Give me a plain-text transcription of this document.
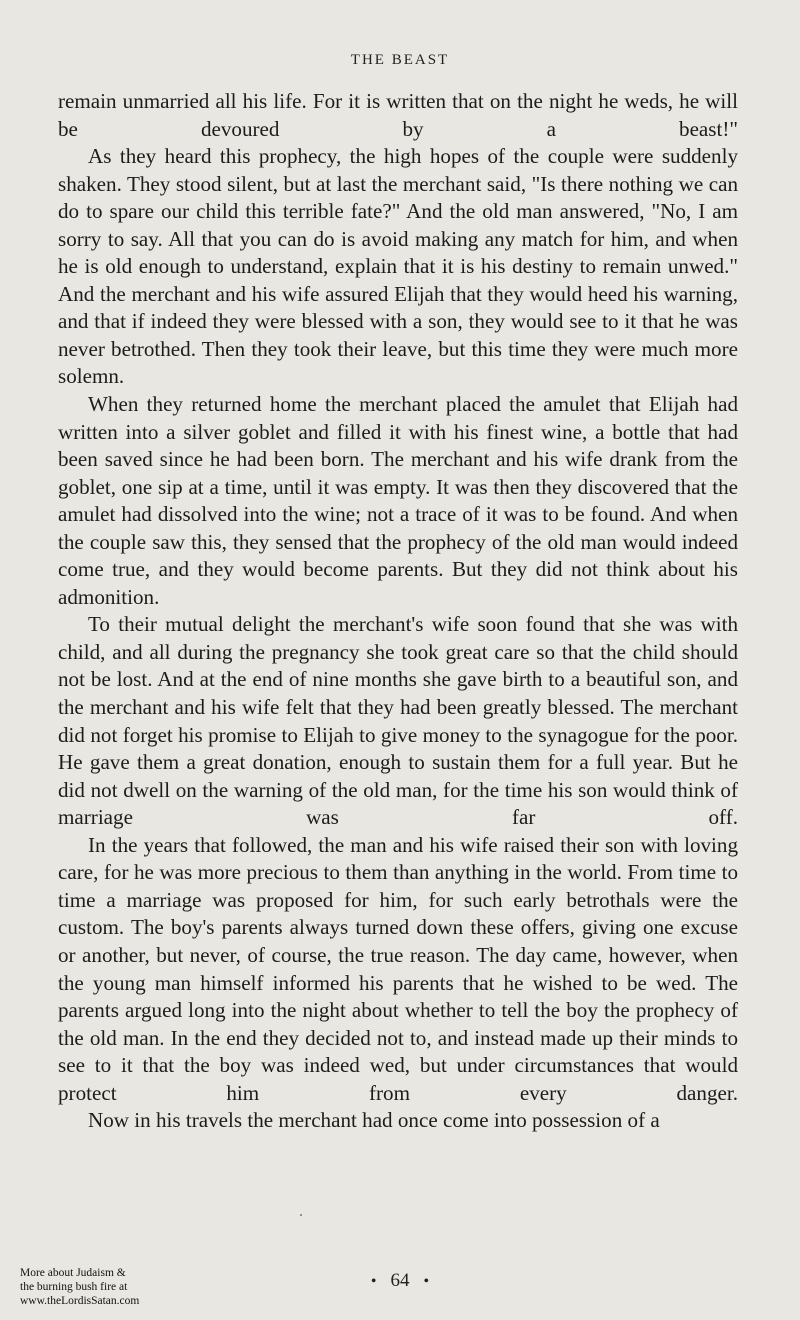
THE BEAST

remain unmarried all his life. For it is written that on the night he weds, he will be devoured by a beast!"

As they heard this prophecy, the high hopes of the couple were suddenly shaken. They stood silent, but at last the merchant said, "Is there nothing we can do to spare our child this terrible fate?" And the old man answered, "No, I am sorry to say. All that you can do is avoid making any match for him, and when he is old enough to understand, explain that it is his destiny to remain unwed." And the merchant and his wife assured Elijah that they would heed his warning, and that if indeed they were blessed with a son, they would see to it that he was never betrothed. Then they took their leave, but this time they were much more solemn.

When they returned home the merchant placed the amulet that Elijah had written into a silver goblet and filled it with his finest wine, a bottle that had been saved since he had been born. The merchant and his wife drank from the goblet, one sip at a time, until it was empty. It was then they discovered that the amulet had dissolved into the wine; not a trace of it was to be found. And when the couple saw this, they sensed that the prophecy of the old man would indeed come true, and they would become parents. But they did not think about his admonition.

To their mutual delight the merchant's wife soon found that she was with child, and all during the pregnancy she took great care so that the child should not be lost. And at the end of nine months she gave birth to a beautiful son, and the merchant and his wife felt that they had been greatly blessed. The merchant did not forget his promise to Elijah to give money to the synagogue for the poor. He gave them a great donation, enough to sustain them for a full year. But he did not dwell on the warning of the old man, for the time his son would think of marriage was far off.

In the years that followed, the man and his wife raised their son with loving care, for he was more precious to them than anything in the world. From time to time a marriage was proposed for him, for such early betrothals were the custom. The boy's parents always turned down these offers, giving one excuse or another, but never, of course, the true reason. The day came, however, when the young man himself informed his parents that he wished to be wed. The parents argued long into the night about whether to tell the boy the prophecy of the old man. In the end they decided not to, and instead made up their minds to see to it that the boy was indeed wed, but under circumstances that would protect him from every danger.

Now in his travels the merchant had once come into possession of a

• 64 •
More about Judaism &
the burning bush fire at
www.theLordisSatan.com
